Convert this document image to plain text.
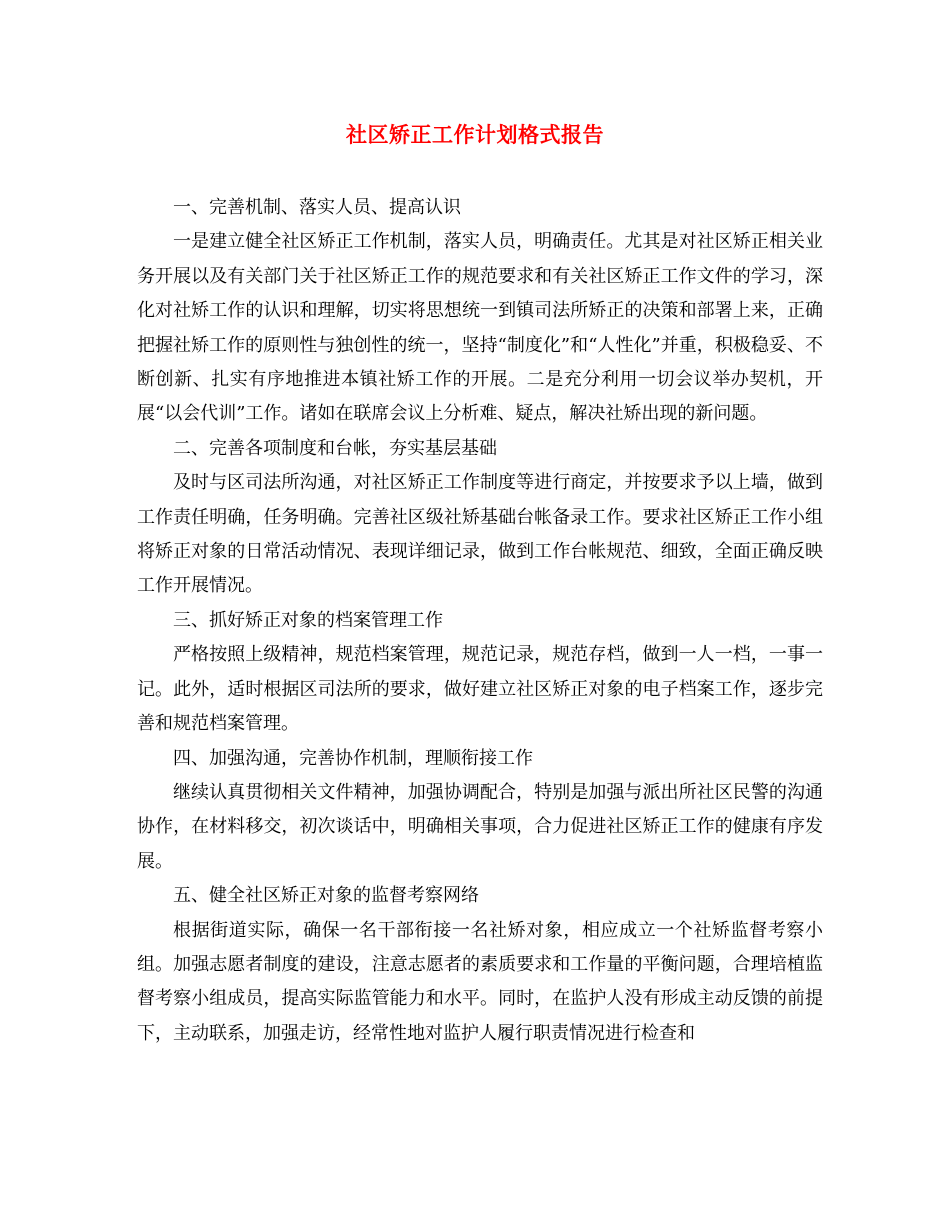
社区矫正工作计划格式报告

一、完善机制、落实人员、提高认识

一是建立健全社区矫正工作机制，落实人员，明确责任。尤其是对社区矫正相关业务开展以及有关部门关于社区矫正工作的规范要求和有关社区矫正工作文件的学习，深化对社矫工作的认识和理解，切实将思想统一到镇司法所矫正的决策和部署上来，正确把握社矫工作的原则性与独创性的统一，坚持“制度化”和“人性化”并重，积极稳妥、不断创新、扎实有序地推进本镇社矫工作的开展。二是充分利用一切会议举办契机，开展“以会代训”工作。诸如在联席会议上分析难、疑点，解决社矫出现的新问题。

二、完善各项制度和台帐，夯实基层基础

及时与区司法所沟通，对社区矫正工作制度等进行商定，并按要求予以上墙，做到工作责任明确，任务明确。完善社区级社矫基础台帐备录工作。要求社区矫正工作小组将矫正对象的日常活动情况、表现详细记录，做到工作台帐规范、细致，全面正确反映工作开展情况。

三、抓好矫正对象的档案管理工作

严格按照上级精神，规范档案管理，规范记录，规范存档，做到一人一档，一事一记。此外，适时根据区司法所的要求，做好建立社区矫正对象的电子档案工作，逐步完善和规范档案管理。

四、加强沟通，完善协作机制，理顺衔接工作

继续认真贯彻相关文件精神，加强协调配合，特别是加强与派出所社区民警的沟通协作，在材料移交，初次谈话中，明确相关事项，合力促进社区矫正工作的健康有序发展。

五、健全社区矫正对象的监督考察网络

根据街道实际，确保一名干部衔接一名社矫对象，相应成立一个社矫监督考察小组。加强志愿者制度的建设，注意志愿者的素质要求和工作量的平衡问题，合理培植监督考察小组成员，提高实际监管能力和水平。同时，在监护人没有形成主动反馈的前提下，主动联系，加强走访，经常性地对监护人履行职责情况进行检查和
